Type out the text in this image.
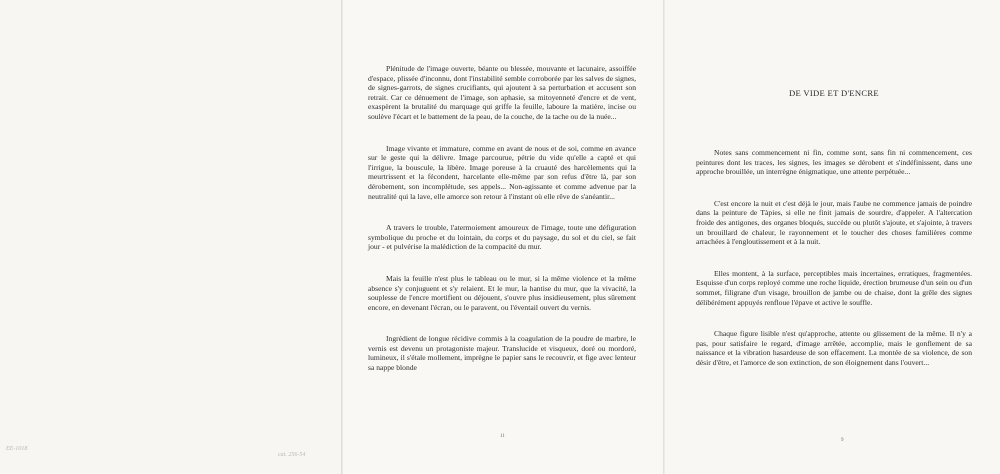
Plénitude de l'image ouverte, béante ou blessée, mouvante et lacunaire, assoiffée d'espace, plissée d'inconnu, dont l'instabilité semble corroborée par les salves de signes, de signes-garrots, de signes crucifiants, qui ajoutent à sa perturbation et accusent son retrait. Car ce dénuement de l'image, son aphasie, sa mitoyenneté d'encre et de vent, exaspèrent la brutalité du marquage qui griffe la feuille, laboure la matière, incise ou soulève l'écart et le battement de la peau, de la couche, de la tache ou de la nuée...

Image vivante et immature, comme en avant de nous et de soi, comme en avance sur le geste qui la délivre. Image parcourue, pétrie du vide qu'elle a capté et qui l'irrigue, la bouscule, la libère. Image poreuse à la cruauté des harcèlements qui la meurtrissent et la fécondent, harcelante elle-même par son refus d'être là, par son dérobement, son incomplétude, ses appels... Non-agissante et comme advenue par la neutralité qui la lave, elle amorce son retour à l'instant où elle rêve de s'anéantir...

A travers le trouble, l'atermoiement amoureux de l'image, toute une défiguration symbolique du proche et du lointain, du corps et du paysage, du sol et du ciel, se fait jour - et pulvérise la malédiction de la compacité du mur.

Mais la feuille n'est plus le tableau ou le mur, si la même violence et la même absence s'y conjuguent et s'y relaient. Et le mur, la hantise du mur, que la vivacité, la souplesse de l'encre mortifient ou déjouent, s'ouvre plus insidieusement, plus sûrement encore, en devenant l'écran, ou le paravent, ou l'éventail ouvert du vernis.

Ingrédient de longue récidive commis à la coagulation de la poudre de marbre, le vernis est devenu un protagoniste majeur. Translucide et visqueux, doré ou mordoré, lumineux, il s'étale mollement, imprègne le papier sans le recouvrir, et fige avec lenteur sa nappe blonde

DE VIDE ET D'ENCRE

Notes sans commencement ni fin, comme sont, sans fin ni commencement, ces peintures dont les traces, les signes, les images se dérobent et s'indéfinissent, dans une approche brouillée, un interrègne énigmatique, une attente perpétuée...

C'est encore la nuit et c'est déjà le jour, mais l'aube ne commence jamais de poindre dans la peinture de Tàpies, si elle ne finit jamais de sourdre, d'appeler. A l'altercation froide des antigones, des organes bloqués, succède ou plutôt s'ajoute, et s'ajointe, à travers un brouillard de chaleur, le rayonnement et le toucher des choses familières comme arrachées à l'engloutissement et à la nuit.

Elles montent, à la surface, perceptibles mais incertaines, erratiques, fragmentées. Esquisse d'un corps reployé comme une roche liquide, érection brumeuse d'un sein ou d'un sommet, filigrane d'un visage, brouillon de jambe ou de chaise, dont la grêle des signes délibérément appuyés renfloue l'épave et active le souffle.

Chaque figure lisible n'est qu'approche, attente ou glissement de la même. Il n'y a pas, pour satisfaire le regard, d'image arrêtée, accomplie, mais le gonflement de sa naissance et la vibration hasardeuse de son effacement. La montée de sa violence, de son désir d'être, et l'amorce de son extinction, de son éloignement dans l'ouvert...

11
9
EE-1018
cat. 256-54
